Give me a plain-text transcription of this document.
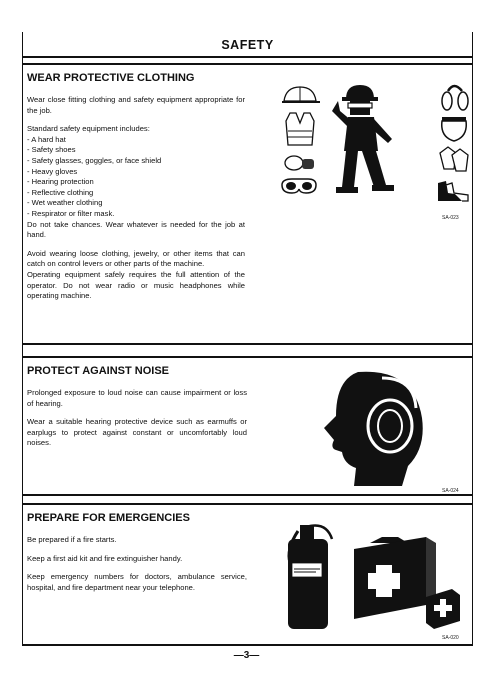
SAFETY
WEAR PROTECTIVE CLOTHING

Wear close fitting clothing and safety equipment appropriate for the job.

Standard safety equipment includes:
- A hard hat
- Safety shoes
- Safety glasses, goggles, or face shield
- Heavy gloves
- Hearing protection
- Reflective clothing
- Wet weather clothing
- Respirator or filter mask.

Do not take chances. Wear whatever is needed for the job at hand.

Avoid wearing loose clothing, jewelry, or other items that can catch on control levers or other parts of the machine.

Operating equipment safely requires the full attention of the operator. Do not wear radio or music headphones while operating machine.

SA-023
PROTECT AGAINST NOISE

Prolonged exposure to loud noise can cause impairment or loss of hearing.

Wear a suitable hearing protective device such as earmuffs or earplugs to protect against constant or uncomfortably loud noises.

SA-024
PREPARE FOR EMERGENCIES

Be prepared if a fire starts.

Keep a first aid kit and fire extinguisher handy.

Keep emergency numbers for doctors, ambulance service, hospital, and fire department near your telephone.

SA-020
—3—
